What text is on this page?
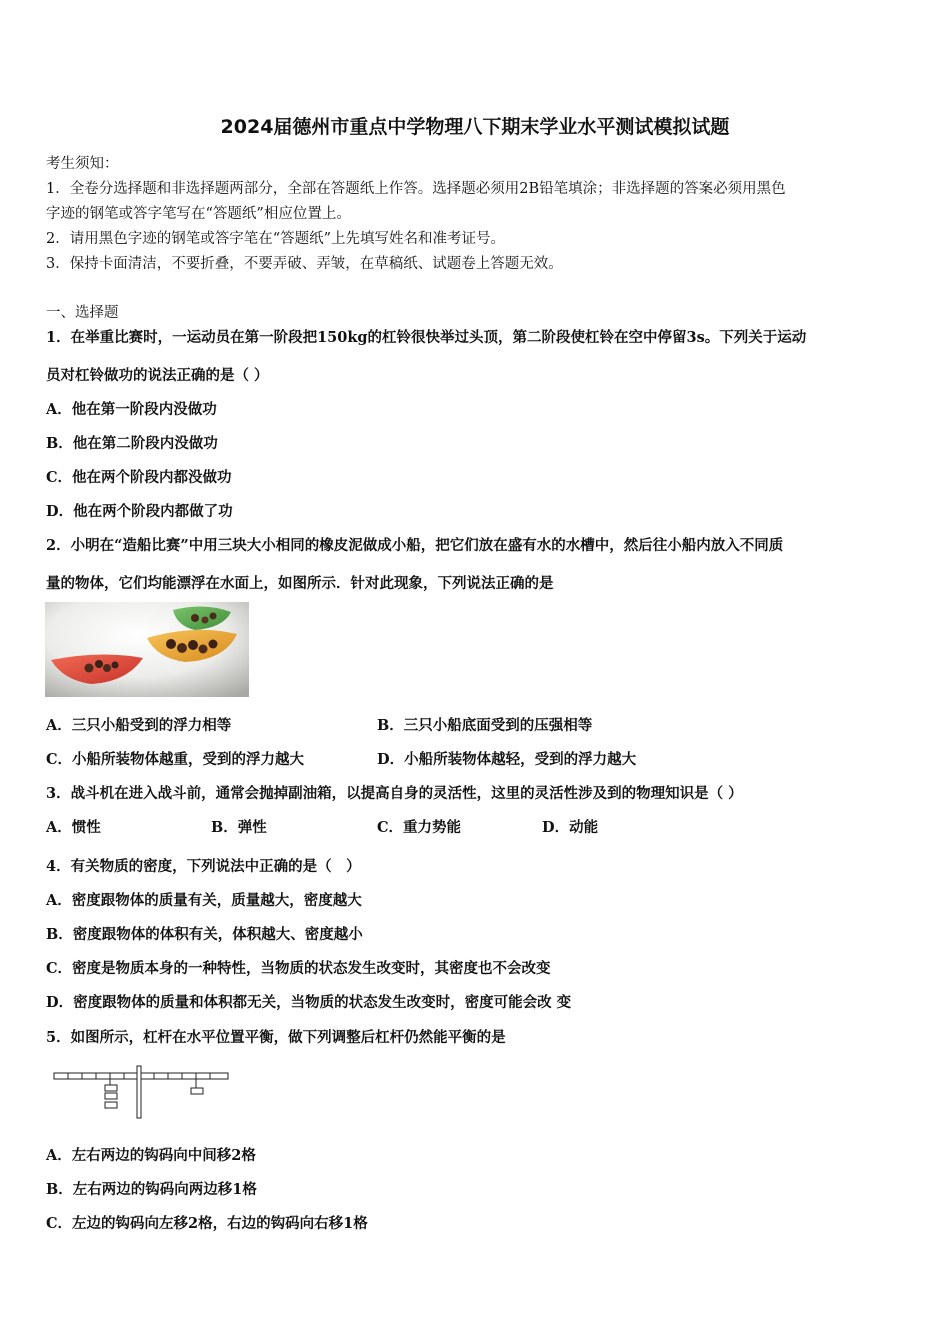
2024届德州市重点中学物理八下期末学业水平测试模拟试题
考生须知：
1．全卷分选择题和非选择题两部分，全部在答题纸上作答。选择题必须用2B铅笔填涂；非选择题的答案必须用黑色
字迹的钢笔或答字笔写在“答题纸”相应位置上。
2．请用黑色字迹的钢笔或答字笔在“答题纸”上先填写姓名和准考证号。
3．保持卡面清洁，不要折叠，不要弄破、弄皱，在草稿纸、试题卷上答题无效。
一、选择题
1．在举重比赛时，一运动员在第一阶段把150kg的杠铃很快举过头顶，第二阶段使杠铃在空中停留3s。下列关于运动
员对杠铃做功的说法正确的是（ ）
A．他在第一阶段内没做功
B．他在第二阶段内没做功
C．他在两个阶段内都没做功
D．他在两个阶段内都做了功
2．小明在“造船比赛”中用三块大小相同的橡皮泥做成小船，把它们放在盛有水的水槽中，然后往小船内放入不同质
量的物体，它们均能漂浮在水面上，如图所示．针对此现象，下列说法正确的是
A．三只小船受到的浮力相等	B．三只小船底面受到的压强相等
C．小船所装物体越重，受到的浮力越大	D．小船所装物体越轻，受到的浮力越大
3．战斗机在进入战斗前，通常会抛掉副油箱，以提高自身的灵活性，这里的灵活性涉及到的物理知识是（ ）
A．惯性	B．弹性	C．重力势能	D．动能
4．有关物质的密度，下列说法中正确的是（　）
A．密度跟物体的质量有关，质量越大，密度越大
B．密度跟物体的体积有关，体积越大、密度越小
C．密度是物质本身的一种特性，当物质的状态发生改变时，其密度也不会改变
D．密度跟物体的质量和体积都无关，当物质的状态发生改变时，密度可能会改 变
5．如图所示，杠杆在水平位置平衡，做下列调整后杠杆仍然能平衡的是
A．左右两边的钩码向中间移2格
B．左右两边的钩码向两边移1格
C．左边的钩码向左移2格，右边的钩码向右移1格
